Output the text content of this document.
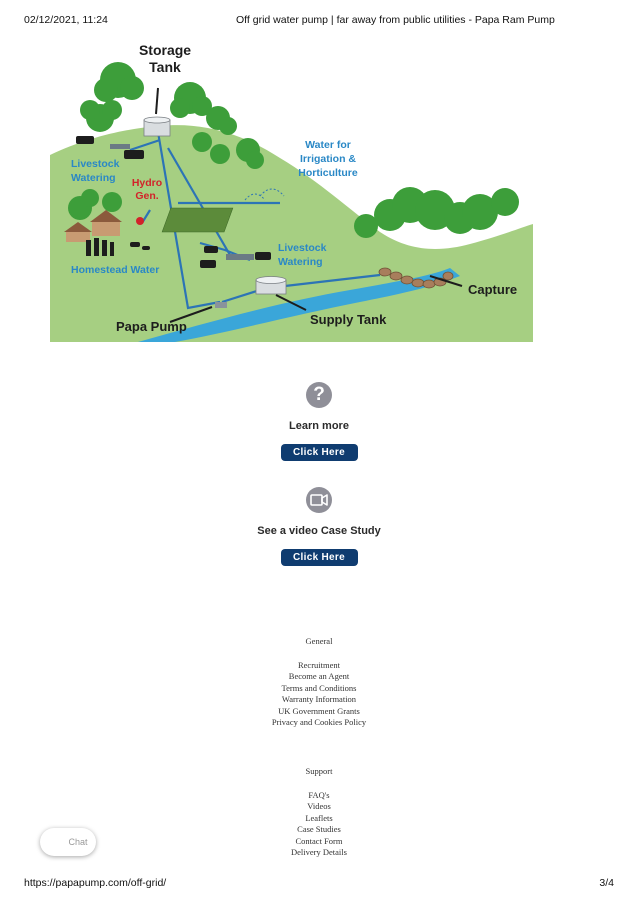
02/12/2021, 11:24	Off grid water pump | far away from public utilities - Papa Ram Pump
Storage
Tank
Livestock
Watering Hydro
Gen.
Water for
Irrigation &
Horticulture
Livestock
Watering
Homestead Water
Capture
Papa Pump	Supply Tank
?
Learn more
Click Here
See a video Case Study
Click Here
General
Recruitment
Become an Agent
Terms and Conditions
Warranty Information
UK Government Grants
Privacy and Cookies Policy
Support
FAQ's
Videos
Leaflets
Case Studies
Contact Form
Delivery Details
Chat
https://papapump.com/off-grid/	3/4
